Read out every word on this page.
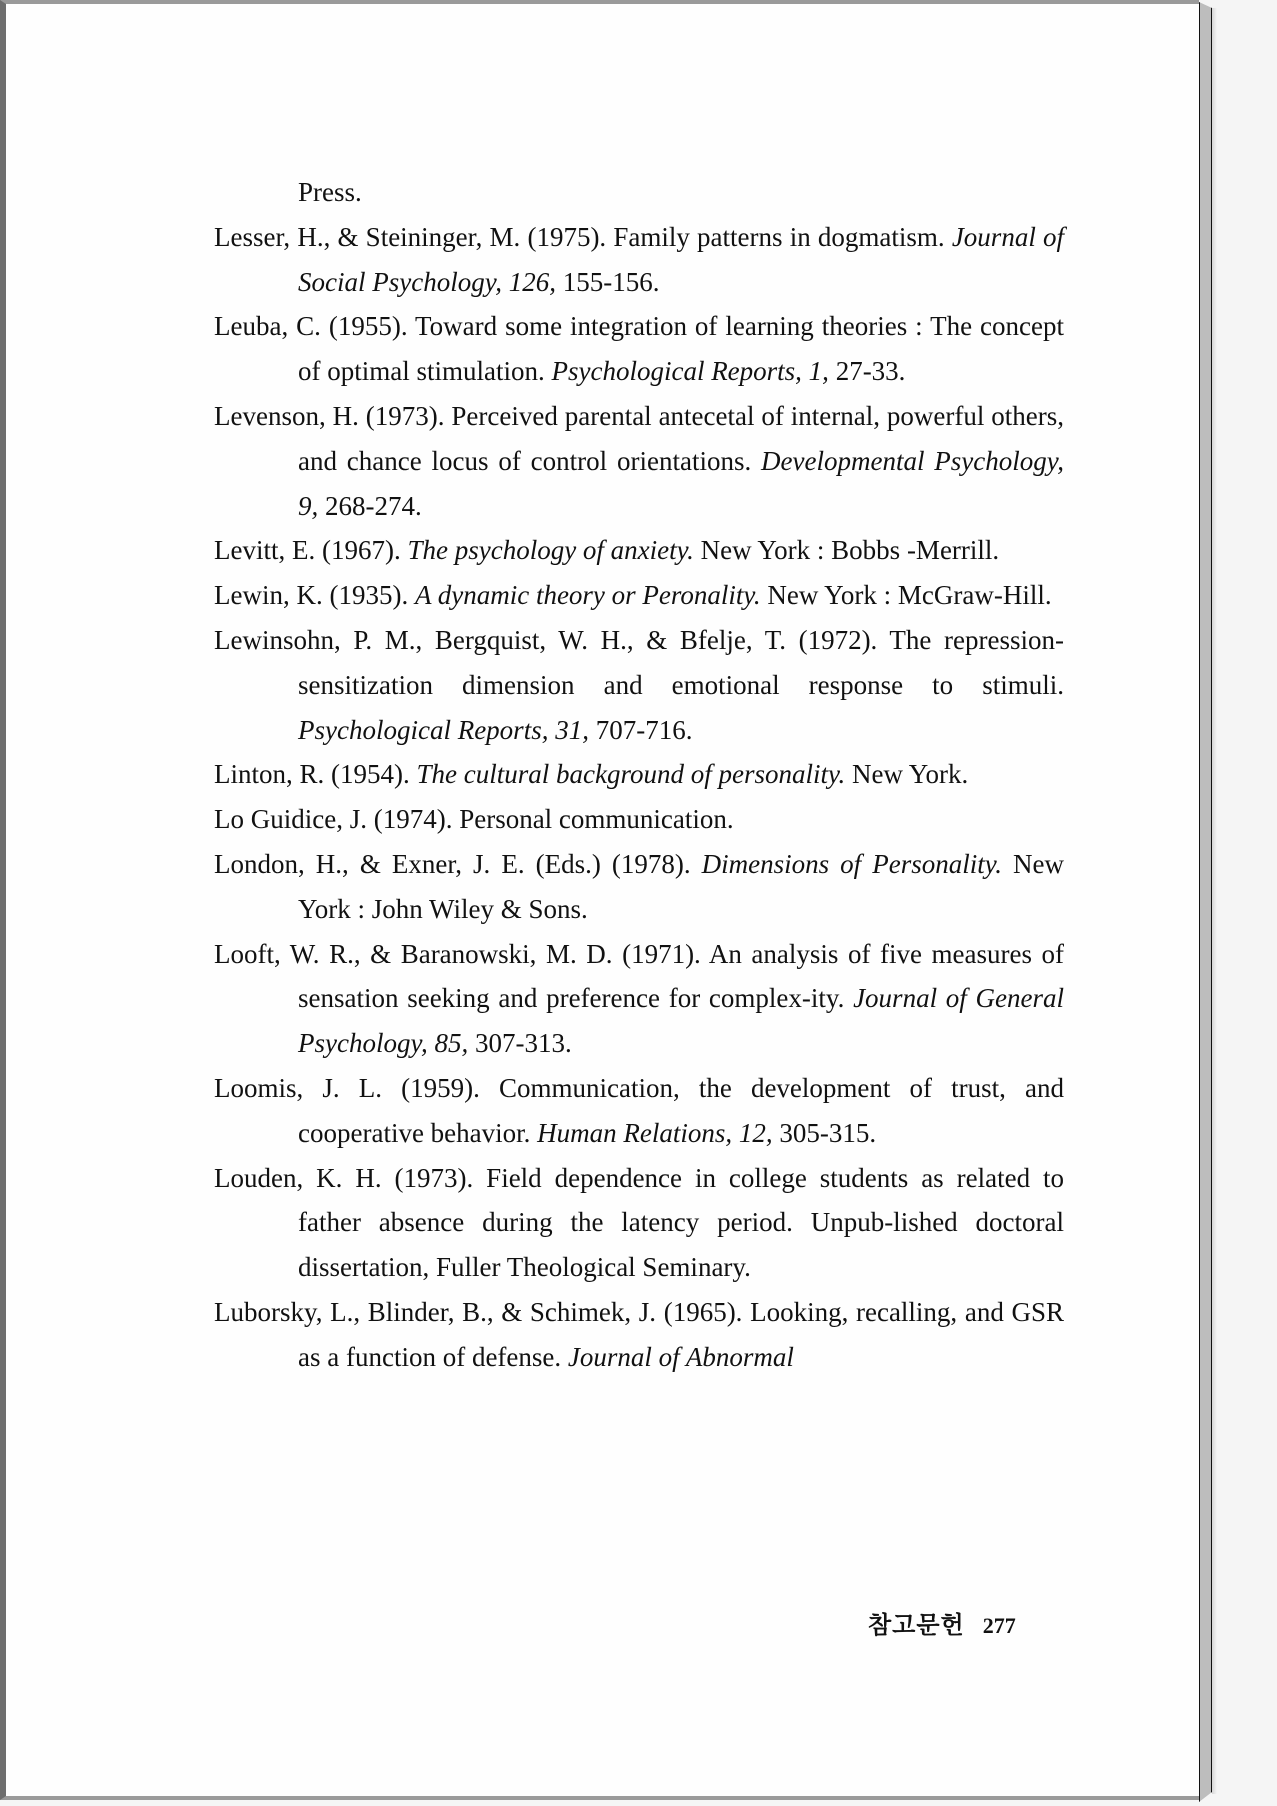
Press.
Lesser, H., & Steininger, M. (1975). Family patterns in dogmatism. Journal of Social Psychology, 126, 155-156.
Leuba, C. (1955). Toward some integration of learning theories : The concept of optimal stimulation. Psychological Reports, 1, 27-33.
Levenson, H. (1973). Perceived parental antecetal of internal, powerful others, and chance locus of control orientations. Developmental Psychology, 9, 268-274.
Levitt, E. (1967). The psychology of anxiety. New York : Bobbs -Merrill.
Lewin, K. (1935). A dynamic theory or Peronality. New York : McGraw-Hill.
Lewinsohn, P. M., Bergquist, W. H., & Bfelje, T. (1972). The repression-sensitization dimension and emotional response to stimuli. Psychological Reports, 31, 707-716.
Linton, R. (1954). The cultural background of personality. New York.
Lo Guidice, J. (1974). Personal communication.
London, H., & Exner, J. E. (Eds.) (1978). Dimensions of Personality. New York : John Wiley & Sons.
Looft, W. R., & Baranowski, M. D. (1971). An analysis of five measures of sensation seeking and preference for complex-ity. Journal of General Psychology, 85, 307-313.
Loomis, J. L. (1959). Communication, the development of trust, and cooperative behavior. Human Relations, 12, 305-315.
Louden, K. H. (1973). Field dependence in college students as related to father absence during the latency period. Unpub-lished doctoral dissertation, Fuller Theological Seminary.
Luborsky, L., Blinder, B., & Schimek, J. (1965). Looking, recalling, and GSR as a function of defense. Journal of Abnormal
참고문헌 277
